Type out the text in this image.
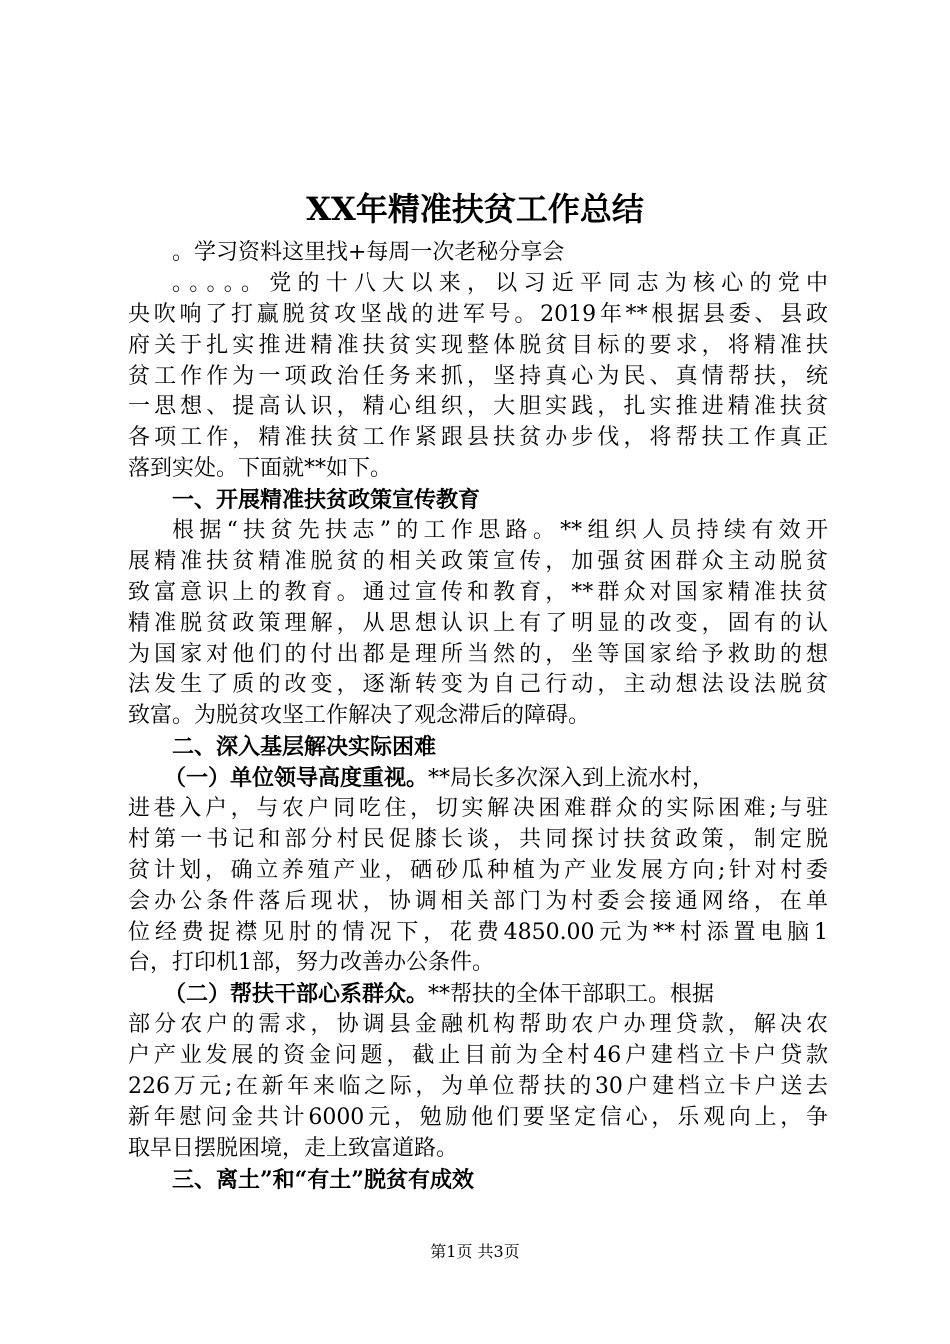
XX年精准扶贫工作总结
。学习资料这里找+每周一次老秘分享会
。。。。。党的十八大以来，以习近平同志为核心的党中
央吹响了打赢脱贫攻坚战的进军号。2019年**根据县委、县政
府关于扎实推进精准扶贫实现整体脱贫目标的要求，将精准扶
贫工作作为一项政治任务来抓，坚持真心为民、真情帮扶，统
一思想、提高认识，精心组织，大胆实践，扎实推进精准扶贫
各项工作，精准扶贫工作紧跟县扶贫办步伐，将帮扶工作真正
落到实处。下面就**如下。
一、开展精准扶贫政策宣传教育
根据“扶贫先扶志”的工作思路。**组织人员持续有效开
展精准扶贫精准脱贫的相关政策宣传，加强贫困群众主动脱贫
致富意识上的教育。通过宣传和教育，**群众对国家精准扶贫
精准脱贫政策理解，从思想认识上有了明显的改变，固有的认
为国家对他们的付出都是理所当然的，坐等国家给予救助的想
法发生了质的改变，逐渐转变为自己行动，主动想法设法脱贫
致富。为脱贫攻坚工作解决了观念滞后的障碍。
二、深入基层解决实际困难
（一）单位领导高度重视。**局长多次深入到上流水村，
进巷入户，与农户同吃住，切实解决困难群众的实际困难;与驻
村第一书记和部分村民促膝长谈，共同探讨扶贫政策，制定脱
贫计划，确立养殖产业，硒砂瓜种植为产业发展方向;针对村委
会办公条件落后现状，协调相关部门为村委会接通网络，在单
位经费捉襟见肘的情况下，花费4850.00元为**村添置电脑1
台，打印机1部，努力改善办公条件。
（二）帮扶干部心系群众。**帮扶的全体干部职工。根据
部分农户的需求，协调县金融机构帮助农户办理贷款，解决农
户产业发展的资金问题，截止目前为全村46户建档立卡户贷款
226万元;在新年来临之际，为单位帮扶的30户建档立卡户送去
新年慰问金共计6000元，勉励他们要坚定信心，乐观向上，争
取早日摆脱困境，走上致富道路。
三、离土”和“有土”脱贫有成效
第1页 共3页
